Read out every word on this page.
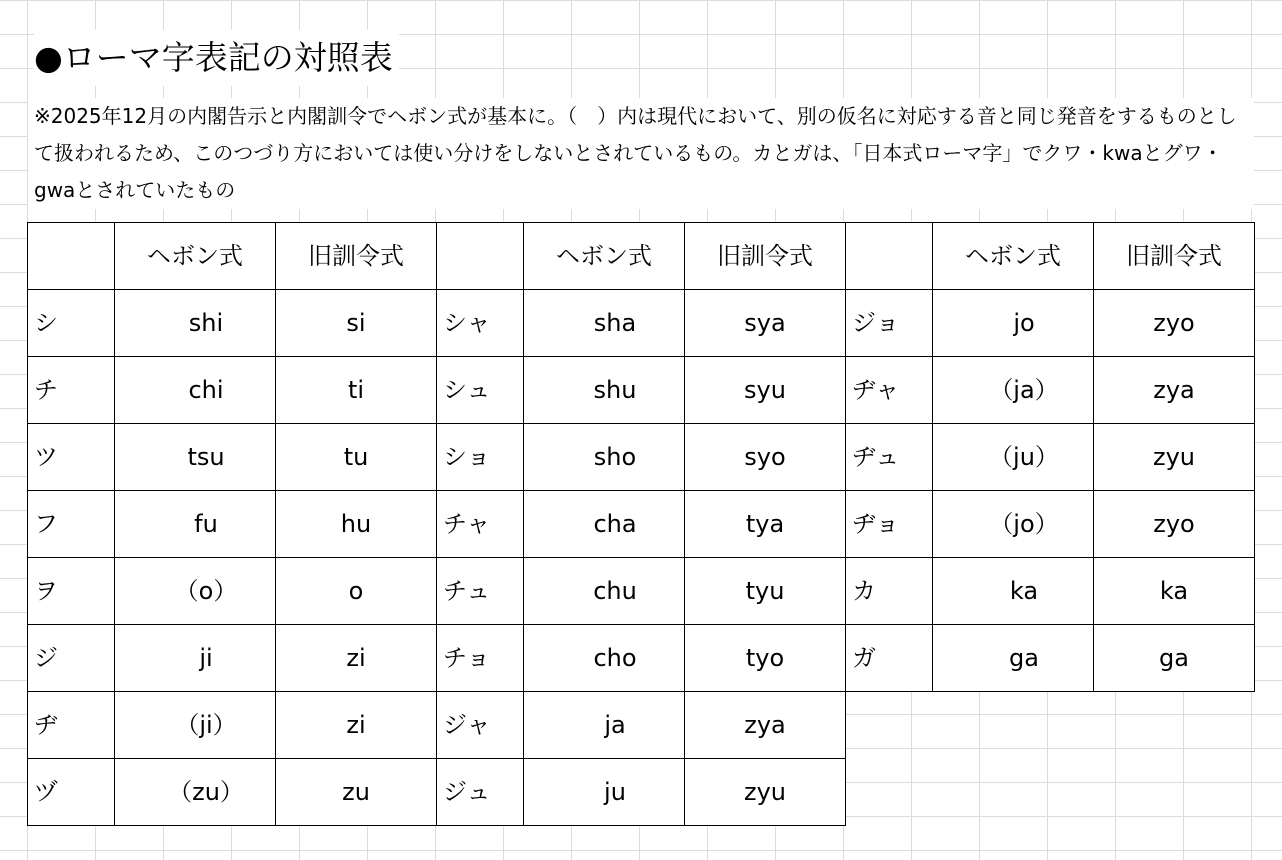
●ローマ字表記の対照表
※2025年12月の内閣告示と内閣訓令でヘボン式が基本に。（　）内は現代において、別の仮名に対応する音と同じ発音をするものとして扱われるため、このつづり方においては使い分けをしないとされているもの。カとガは、「日本式ローマ字」でクワ・kwaとグワ・gwaとされていたもの
	ヘボン式	旧訓令式		ヘボン式	旧訓令式		ヘボン式	旧訓令式
シ	shi	si	シャ	sha	sya	ジョ	jo	zyo
チ	chi	ti	シュ	shu	syu	ヂャ	（ja）	zya
ツ	tsu	tu	ショ	sho	syo	ヂュ	（ju）	zyu
フ	fu	hu	チャ	cha	tya	ヂョ	（jo）	zyo
ヲ	（o）	o	チュ	chu	tyu	カ	ka	ka
ジ	ji	zi	チョ	cho	tyo	ガ	ga	ga
ヂ	（ji）	zi	ジャ	ja	zya			
ヅ	（zu）	zu	ジュ	ju	zyu			
